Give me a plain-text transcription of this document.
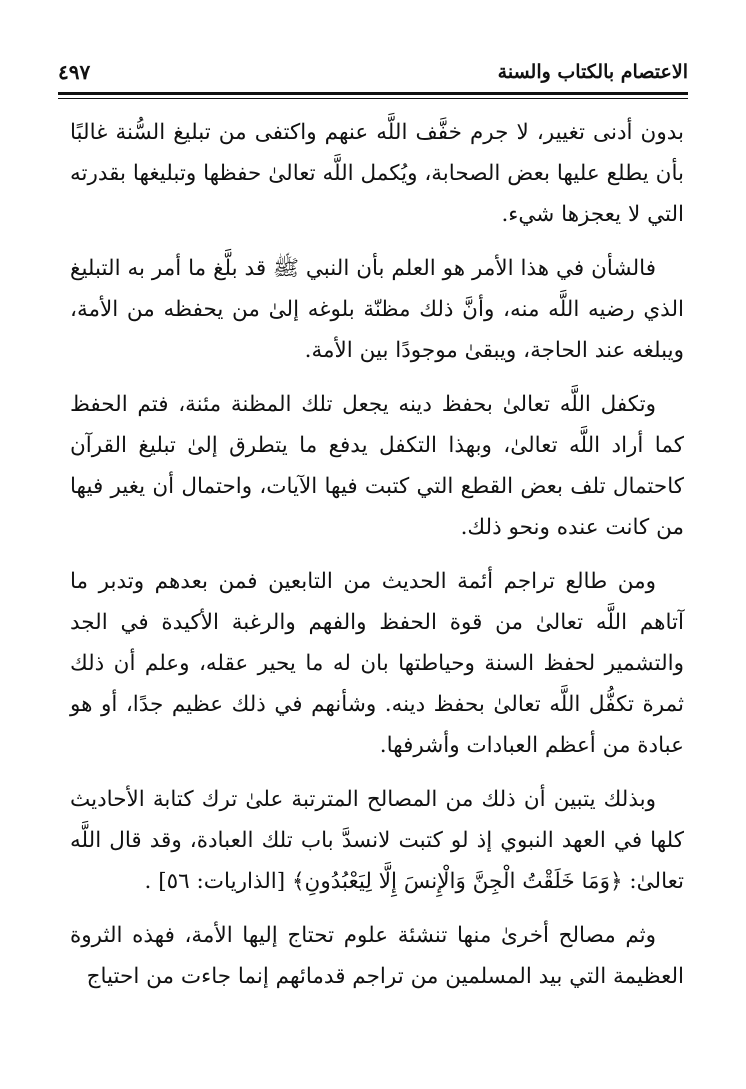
الاعتصام بالكتاب والسنة
٤٩٧

بدون أدنى تغيير، لا جرم خفَّف اللَّه عنهم واكتفى من تبليغ السُّنة غالبًا بأن يطلع عليها بعض الصحابة، ويُكمل اللَّه تعالىٰ حفظها وتبليغها بقدرته التي لا يعجزها شيء.

فالشأن في هذا الأمر هو العلم بأن النبي ﷺ قد بلَّغ ما أمر به التبليغ الذي رضيه اللَّه منه، وأنَّ ذلك مظنّة بلوغه إلىٰ من يحفظه من الأمة، ويبلغه عند الحاجة، ويبقىٰ موجودًا بين الأمة.

وتكفل اللَّه تعالىٰ بحفظ دينه يجعل تلك المظنة مئنة، فتم الحفظ كما أراد اللَّه تعالىٰ، وبهذا التكفل يدفع ما يتطرق إلىٰ تبليغ القرآن كاحتمال تلف بعض القطع التي كتبت فيها الآيات، واحتمال أن يغير فيها من كانت عنده ونحو ذلك.

ومن طالع تراجم أئمة الحديث من التابعين فمن بعدهم وتدبر ما آتاهم اللَّه تعالىٰ من قوة الحفظ والفهم والرغبة الأكيدة في الجد والتشمير لحفظ السنة وحياطتها بان له ما يحير عقله، وعلم أن ذلك ثمرة تكفُّل اللَّه تعالىٰ بحفظ دينه. وشأنهم في ذلك عظيم جدًا، أو هو عبادة من أعظم العبادات وأشرفها.

وبذلك يتبين أن ذلك من المصالح المترتبة علىٰ ترك كتابة الأحاديث كلها في العهد النبوي إذ لو كتبت لانسدَّ باب تلك العبادة، وقد قال اللَّه تعالىٰ: ﴿وَمَا خَلَقْتُ الْجِنَّ وَالْإِنسَ إِلَّا لِيَعْبُدُونِ﴾ [الذاريات: ٥٦] .

وثم مصالح أخرىٰ منها تنشئة علوم تحتاج إليها الأمة، فهذه الثروة العظيمة التي بيد المسلمين من تراجم قدمائهم إنما جاءت من احتياج
